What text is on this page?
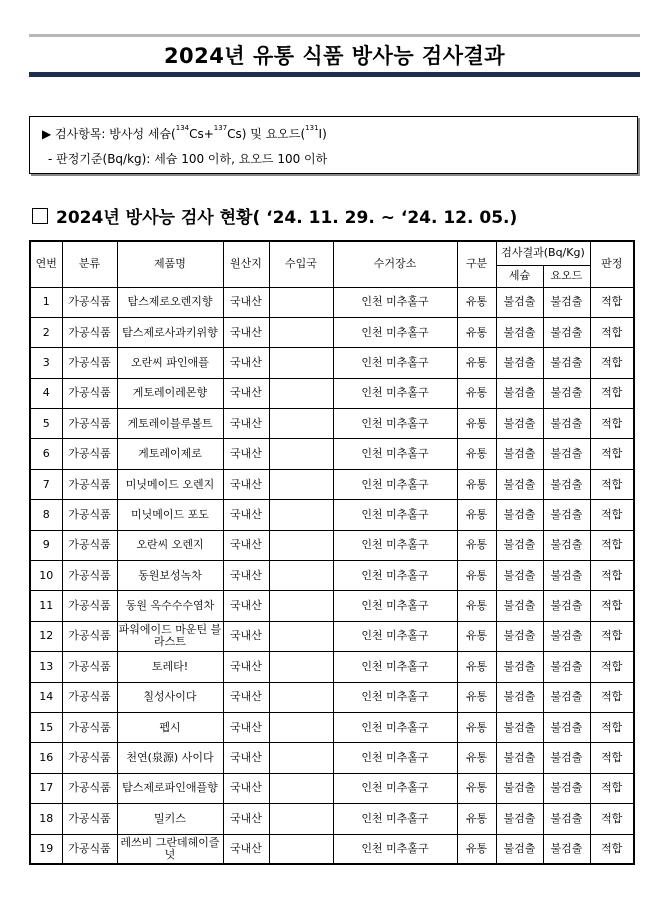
2024년 유통 식품 방사능 검사결과
▶ 검사항목: 방사성 세슘($^{134}$Cs+$^{137}$Cs) 및 요오드($^{131}$I)
- 판정기준(Bq/kg): 세슘 100 이하, 요오드 100 이하
2024년 방사능 검사 현황( ‘24. 11. 29. ~ ‘24. 12. 05.)
연번	분류	제품명	원산지	수입국	수거장소	구분	검사결과(Bq/Kg)		판정
							세슘	요오드	
1	가공식품	탐스제로오렌지향	국내산		인천 미추홀구	유통	불검출	불검출	적합
2	가공식품	탐스제로사과키위향	국내산		인천 미추홀구	유통	불검출	불검출	적합
3	가공식품	오란씨 파인애플	국내산		인천 미추홀구	유통	불검출	불검출	적합
4	가공식품	게토레이레몬향	국내산		인천 미추홀구	유통	불검출	불검출	적합
5	가공식품	게토레이블루볼트	국내산		인천 미추홀구	유통	불검출	불검출	적합
6	가공식품	게토레이제로	국내산		인천 미추홀구	유통	불검출	불검출	적합
7	가공식품	미닛메이드 오렌지	국내산		인천 미추홀구	유통	불검출	불검출	적합
8	가공식품	미닛메이드 포도	국내산		인천 미추홀구	유통	불검출	불검출	적합
9	가공식품	오란씨 오렌지	국내산		인천 미추홀구	유통	불검출	불검출	적합
10	가공식품	동원보성녹차	국내산		인천 미추홀구	유통	불검출	불검출	적합
11	가공식품	동원 옥수수수염차	국내산		인천 미추홀구	유통	불검출	불검출	적합
12	가공식품	파워에이드 마운틴 블라스트	국내산		인천 미추홀구	유통	불검출	불검출	적합
13	가공식품	토레타!	국내산		인천 미추홀구	유통	불검출	불검출	적합
14	가공식품	칠성사이다	국내산		인천 미추홀구	유통	불검출	불검출	적합
15	가공식품	펩시	국내산		인천 미추홀구	유통	불검출	불검출	적합
16	가공식품	천연(泉源) 사이다	국내산		인천 미추홀구	유통	불검출	불검출	적합
17	가공식품	탐스제로파인애플향	국내산		인천 미추홀구	유통	불검출	불검출	적합
18	가공식품	밀키스	국내산		인천 미추홀구	유통	불검출	불검출	적합
19	가공식품	레쓰비 그란데헤이즐넛	국내산		인천 미추홀구	유통	불검출	불검출	적합
